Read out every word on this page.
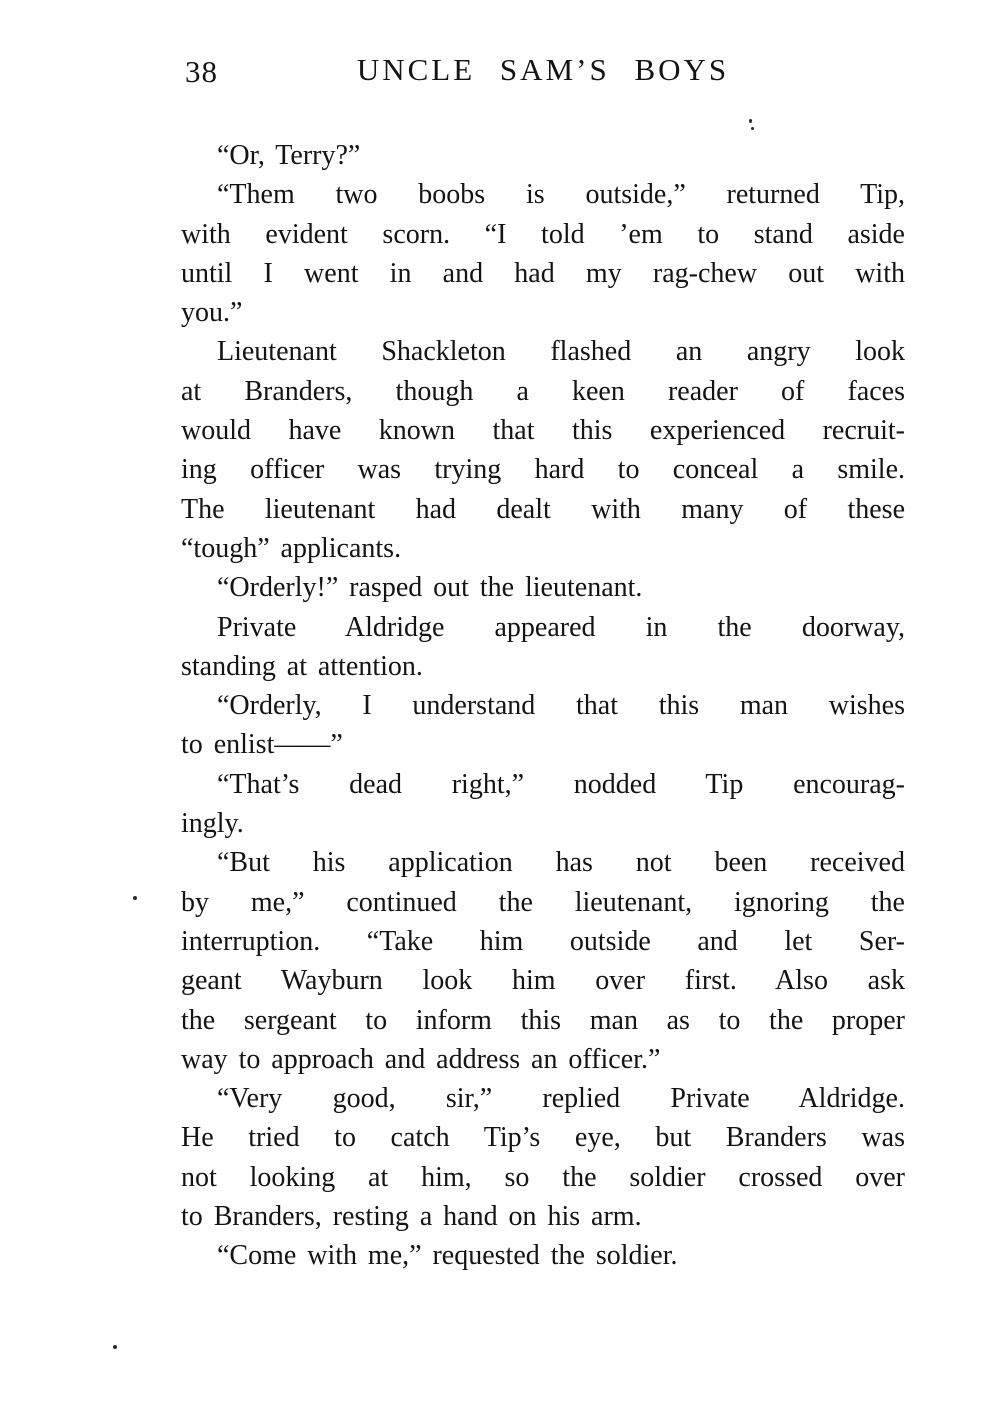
38	UNCLE SAM’S BOYS
“Or, Terry?”
“Them two boobs is outside,” returned Tip,
with evident scorn. “I told ’em to stand aside
until I went in and had my rag-chew out with
you.”
Lieutenant Shackleton flashed an angry look
at Branders, though a keen reader of faces
would have known that this experienced recruit-
ing officer was trying hard to conceal a smile.
The lieutenant had dealt with many of these
“tough” applicants.
“Orderly!” rasped out the lieutenant.
Private Aldridge appeared in the doorway,
standing at attention.
“Orderly, I understand that this man wishes
to enlist——”
“That’s dead right,” nodded Tip encourag-
ingly.
“But his application has not been received
by me,” continued the lieutenant, ignoring the
interruption. “Take him outside and let Ser-
geant Wayburn look him over first. Also ask
the sergeant to inform this man as to the proper
way to approach and address an officer.”
“Very good, sir,” replied Private Aldridge.
He tried to catch Tip’s eye, but Branders was
not looking at him, so the soldier crossed over
to Branders, resting a hand on his arm.
“Come with me,” requested the soldier.
